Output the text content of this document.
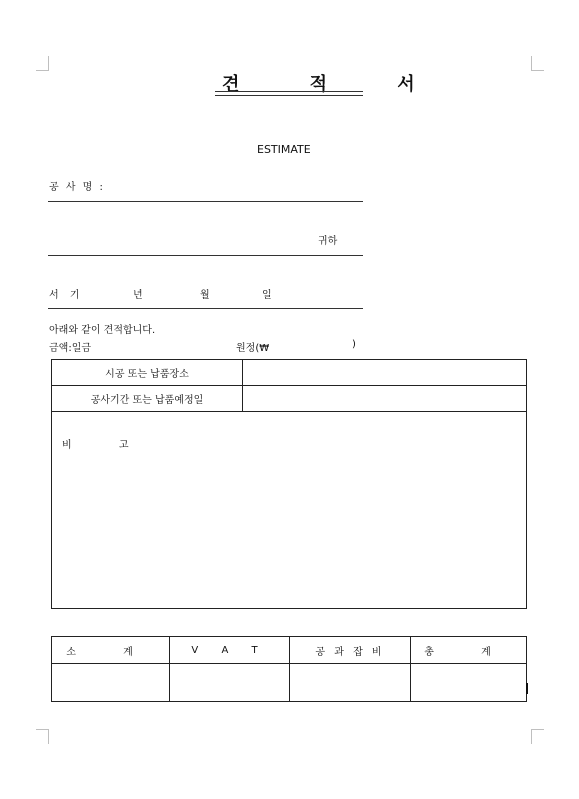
견 적 서
ESTIMATE
공 사 명 :
귀하
서 기	년	월	일
아래와 같이 견적합니다.
금액:일금	원정(₩	)
시공 또는 납품장소	
공사기간 또는 납품예정일	

비 고	
소 계	V A T	공 과 잡 비	총 계
